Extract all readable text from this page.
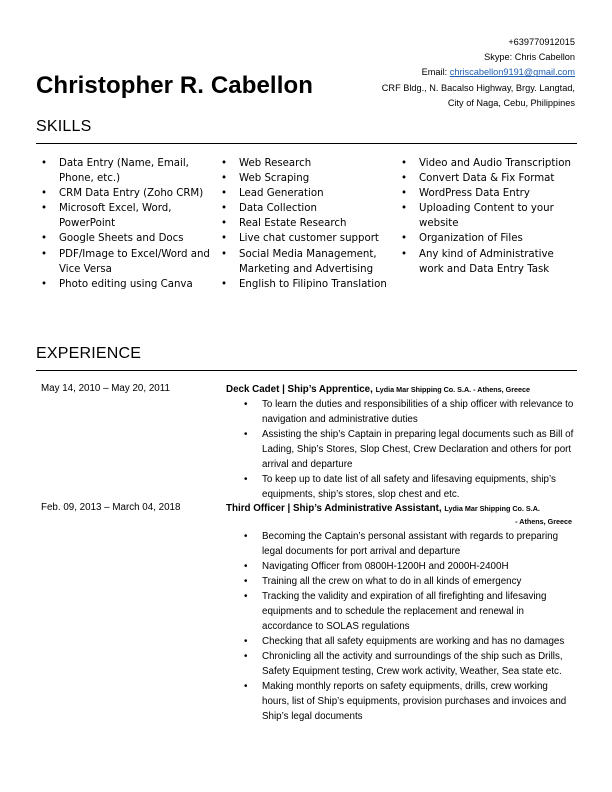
+639770912015
Skype: Chris Cabellon
Email: chriscabellon9191@gmail.com
CRF Bldg., N. Bacalso Highway, Brgy. Langtad,
City of Naga, Cebu, Philippines
Christopher R. Cabellon
SKILLS
• Data Entry (Name, Email, Phone, etc.)
• CRM Data Entry (Zoho CRM)
• Microsoft Excel, Word, PowerPoint
• Google Sheets and Docs
• PDF/Image to Excel/Word and Vice Versa
• Photo editing using Canva
• Web Research
• Web Scraping
• Lead Generation
• Data Collection
• Real Estate Research
• Live chat customer support
• Social Media Management, Marketing and Advertising
• English to Filipino Translation
• Video and Audio Transcription
• Convert Data & Fix Format
• WordPress Data Entry
• Uploading Content to your website
• Organization of Files
• Any kind of Administrative work and Data Entry Task
EXPERIENCE
May 14, 2010 – May 20, 2011	Deck Cadet | Ship’s Apprentice, Lydia Mar Shipping Co. S.A. - Athens, Greece
• To learn the duties and responsibilities of a ship officer with relevance to navigation and administrative duties
• Assisting the ship’s Captain in preparing legal documents such as Bill of Lading, Ship’s Stores, Slop Chest, Crew Declaration and others for port arrival and departure
• To keep up to date list of all safety and lifesaving equipments, ship’s equipments, ship’s stores, slop chest and etc.
Feb. 09, 2013 – March 04, 2018	Third Officer | Ship’s Administrative Assistant, Lydia Mar Shipping Co. S.A.
- Athens, Greece
• Becoming the Captain’s personal assistant with regards to preparing legal documents for port arrival and departure
• Navigating Officer from 0800H-1200H and 2000H-2400H
• Training all the crew on what to do in all kinds of emergency
• Tracking the validity and expiration of all firefighting and lifesaving equipments and to schedule the replacement and renewal in accordance to SOLAS regulations
• Checking that all safety equipments are working and has no damages
• Chronicling all the activity and surroundings of the ship such as Drills, Safety Equipment testing, Crew work activity, Weather, Sea state etc.
• Making monthly reports on safety equipments, drills, crew working hours, list of Ship’s equipments, provision purchases and invoices and Ship’s legal documents
